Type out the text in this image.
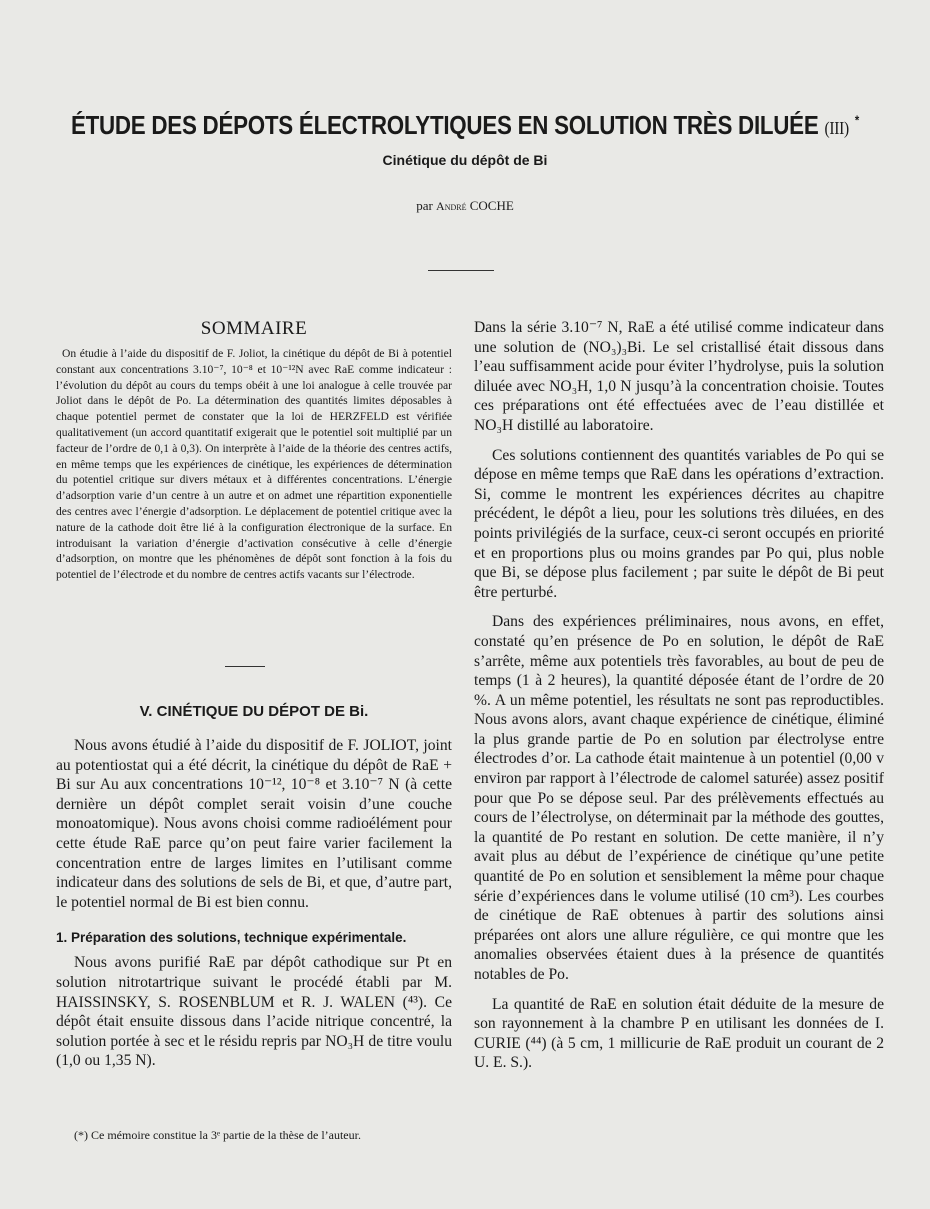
ÉTUDE DES DÉPOTS ÉLECTROLYTIQUES EN SOLUTION TRÈS DILUÉE (III) *
Cinétique du dépôt de Bi
par André COCHE
SOMMAIRE

On étudie à l’aide du dispositif de F. Joliot, la cinétique du dépôt de Bi à potentiel constant aux concentrations 3.10⁻⁷, 10⁻⁸ et 10⁻¹²N avec RaE comme indicateur : l’évolution du dépôt au cours du temps obéit à une loi analogue à celle trouvée par Joliot dans le dépôt de Po. La détermination des quantités limites déposables à chaque potentiel permet de constater que la loi de HERZFELD est vérifiée qualitativement (un accord quantitatif exigerait que le potentiel soit multiplié par un facteur de l’ordre de 0,1 à 0,3). On interprète à l’aide de la théorie des centres actifs, en même temps que les expériences de cinétique, les expériences de détermination du potentiel critique sur divers métaux et à différentes concentrations. L’énergie d’adsorption varie d’un centre à un autre et on admet une répartition exponentielle des centres avec l’énergie d’adsorption. Le déplacement de potentiel critique avec la nature de la cathode doit être lié à la configuration électronique de la surface. En introduisant la variation d’énergie d’activation consécutive à celle d’énergie d’adsorption, on montre que les phénomènes de dépôt sont fonction à la fois du potentiel de l’électrode et du nombre de centres actifs vacants sur l’électrode.

V. CINÉTIQUE DU DÉPOT DE Bi.

Nous avons étudié à l’aide du dispositif de F. JOLIOT, joint au potentiostat qui a été décrit, la cinétique du dépôt de RaE + Bi sur Au aux concentrations 10⁻¹², 10⁻⁸ et 3.10⁻⁷ N (à cette dernière un dépôt complet serait voisin d’une couche monoatomique). Nous avons choisi comme radioélément pour cette étude RaE parce qu’on peut faire varier facilement la concentration entre de larges limites en l’utilisant comme indicateur dans des solutions de sels de Bi, et que, d’autre part, le potentiel normal de Bi est bien connu.

1. Préparation des solutions, technique expérimentale.

Nous avons purifié RaE par dépôt cathodique sur Pt en solution nitrotartrique suivant le procédé établi par M. HAISSINSKY, S. ROSENBLUM et R. J. WALEN (⁴³). Ce dépôt était ensuite dissous dans l’acide nitrique concentré, la solution portée à sec et le résidu repris par NO₃H de titre voulu (1,0 ou 1,35 N).

(*) Ce mémoire constitue la 3ᵉ partie de la thèse de l’auteur.

Dans la série 3.10⁻⁷ N, RaE a été utilisé comme indicateur dans une solution de (NO₃)₃Bi. Le sel cristallisé était dissous dans l’eau suffisamment acide pour éviter l’hydrolyse, puis la solution diluée avec NO₃H, 1,0 N jusqu’à la concentration choisie. Toutes ces préparations ont été effectuées avec de l’eau distillée et NO₃H distillé au laboratoire.

Ces solutions contiennent des quantités variables de Po qui se dépose en même temps que RaE dans les opérations d’extraction. Si, comme le montrent les expériences décrites au chapitre précédent, le dépôt a lieu, pour les solutions très diluées, en des points privilégiés de la surface, ceux-ci seront occupés en priorité et en proportions plus ou moins grandes par Po qui, plus noble que Bi, se dépose plus facilement ; par suite le dépôt de Bi peut être perturbé.

Dans des expériences préliminaires, nous avons, en effet, constaté qu’en présence de Po en solution, le dépôt de RaE s’arrête, même aux potentiels très favorables, au bout de peu de temps (1 à 2 heures), la quantité déposée étant de l’ordre de 20 %. A un même potentiel, les résultats ne sont pas reproductibles. Nous avons alors, avant chaque expérience de cinétique, éliminé la plus grande partie de Po en solution par électrolyse entre électrodes d’or. La cathode était maintenue à un potentiel (0,00 v environ par rapport à l’électrode de calomel saturée) assez positif pour que Po se dépose seul. Par des prélèvements effectués au cours de l’électrolyse, on déterminait par la méthode des gouttes, la quantité de Po restant en solution. De cette manière, il n’y avait plus au début de l’expérience de cinétique qu’une petite quantité de Po en solution et sensiblement la même pour chaque série d’expériences dans le volume utilisé (10 cm³). Les courbes de cinétique de RaE obtenues à partir des solutions ainsi préparées ont alors une allure régulière, ce qui montre que les anomalies observées étaient dues à la présence de quantités notables de Po.

La quantité de RaE en solution était déduite de la mesure de son rayonnement à la chambre P en utilisant les données de I. CURIE (⁴⁴) (à 5 cm, 1 millicurie de RaE produit un courant de 2 U. E. S.).
